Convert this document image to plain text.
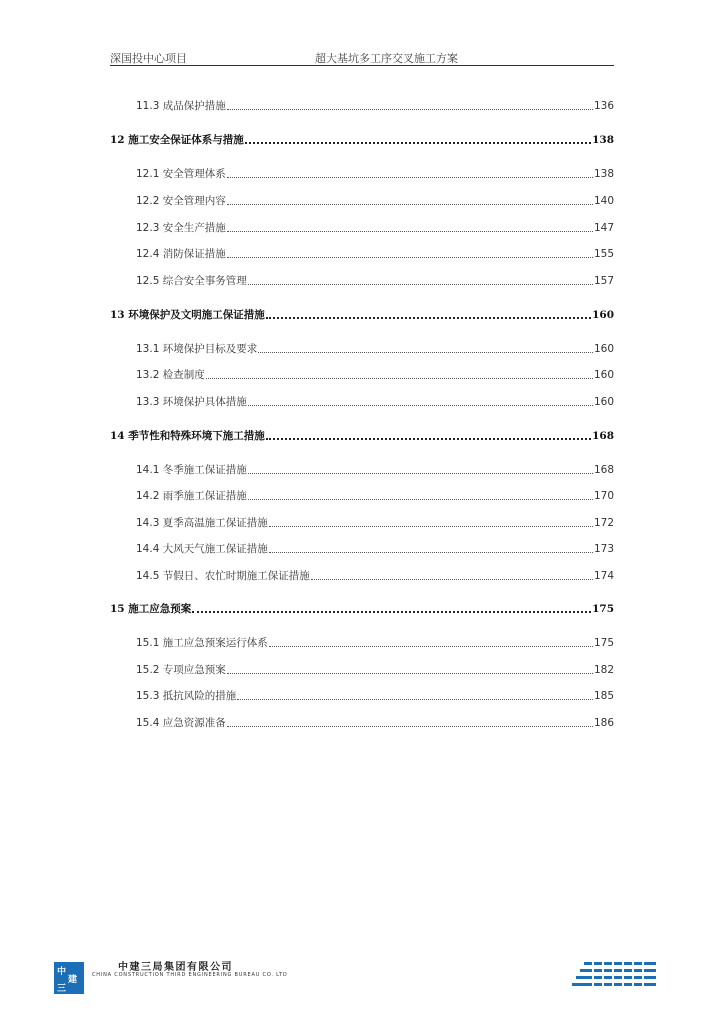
深国投中心项目	超大基坑多工序交叉施工方案
11.3 成品保护措施	136
12 施工安全保证体系与措施	138
12.1 安全管理体系	138
12.2 安全管理内容	140
12.3 安全生产措施	147
12.4 消防保证措施	155
12.5 综合安全事务管理	157
13 环境保护及文明施工保证措施	160
13.1 环境保护目标及要求	160
13.2 检查制度	160
13.3 环境保护具体措施	160
14 季节性和特殊环境下施工措施	168
14.1 冬季施工保证措施	168
14.2 雨季施工保证措施	170
14.3 夏季高温施工保证措施	172
14.4 大风天气施工保证措施	173
14.5 节假日、农忙时期施工保证措施	174
15 施工应急预案	175
15.1 施工应急预案运行体系	175
15.2 专项应急预案	182
15.3 抵抗风险的措施	185
15.4 应急资源准备	186
中
建
三
中建三局集团有限公司
CHINA CONSTRUCTION THIRD ENGINEERING BUREAU CO. LTD
